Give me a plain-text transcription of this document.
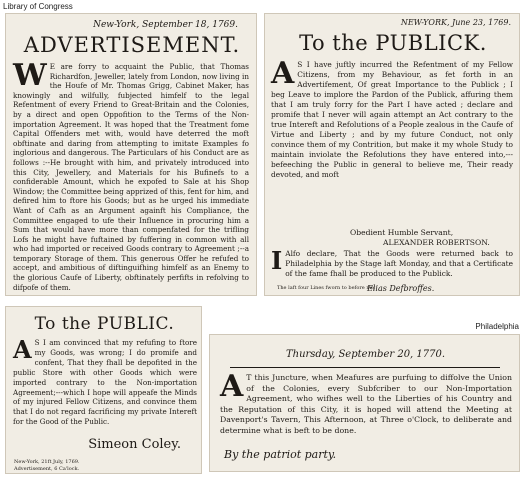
Library of Congress
Philadelphia
New-York, September 18, 1769.
ADVERTISEMENT.

W E are forry to acquaint the Public, that Thomas Richardfon, Jeweller, lately from London, now living in the Houfe of Mr. Thomas Grigg, Cabinet Maker, has knowingly and wilfully, fubjected himfelf to the legal Refentment of every Friend to Great-Britain and the Colonies, by a direct and open Oppofition to the Terms of the Non-importation Agreement. It was hoped that the Treatment fome Capital Offenders met with, would have deterred the moft obftinate and daring from attempting to imitate Examples fo inglorious and dangerous. The Particulars of his Conduct are as follows :--He brought with him, and privately introduced into this City, Jewellery, and Materials for his Bufinefs to a confiderable Amount, which he expofed to Sale at his Shop Window; the Committee being apprized of this, fent for him, and defired him to ftore his Goods; but as he urged his immediate Want of Cafh as an Argument againft his Compliance, the Committee engaged to ufe their Influence in procuring him a Sum that would have more than compenfated for the trifling Lofs he might have fuftained by fuffering in common with all who had imported or received Goods contrary to Agreement ;--a temporary Storage of them. This generous Offer he refufed to accept, and ambitious of diftinguifhing himfelf as an Enemy to the glorious Caufe of Liberty, obftinately perfifts in refolving to difpofe of them.

NEW-YORK, June 23, 1769.
To the PUBLICK.

A S I have juftly incurred the Refentment of my Fellow Citizens, from my Behaviour, as fet forth in an Advertifement, Of great Importance to the Publick ; I beg Leave to implore the Pardon of the Publick, affuring them that I am truly forry for the Part I have acted ; declare and promife that I never will again attempt an Act contrary to the true Intereft and Refolutions of a People zealous in the Caufe of Virtue and Liberty ; and by my future Conduct, not only convince them of my Contrition, but make it my whole Study to maintain inviolate the Refolutions they have entered into,---befeeching the Public in general to believe me, Their ready devoted, and moft

Obedient Humble Servant,
ALEXANDER ROBERTSON.

I Alfo declare, That the Goods were returned back to Philadelphia by the Stage laft Monday, and that a Certificate of the fame fhall be produced to the Publick.

The laft four Lines fworn to before me,
Elias Defbroffes.
To the PUBLIC.

A S I am convinced that my refufing to ftore my Goods, was wrong; I do promife and confent, That they fhall be depofited in the public Store with other Goods which were imported contrary to the Non-importation Agreement;---which I hope will appeafe the Minds of my injured Fellow Citizens, and convince them that I do not regard facrificing my private Intereft for the Good of the Public.

Simeon Coley.
New-York, 21ft July, 1769. Advertisement, 6 Ca'lock.
Thursday, September 20, 1770.

A T this Juncture, when Meafures are purfuing to diffolve the Union of the Colonies, every Subfcriber to our Non-Importation Agreement, who wifhes well to the Liberties of his Country and the Reputation of this City, it is hoped will attend the Meeting at Davenport's Tavern, This Afternoon, at Three o'Clock, to deliberate and determine what is beft to be done.

By the patriot party.
